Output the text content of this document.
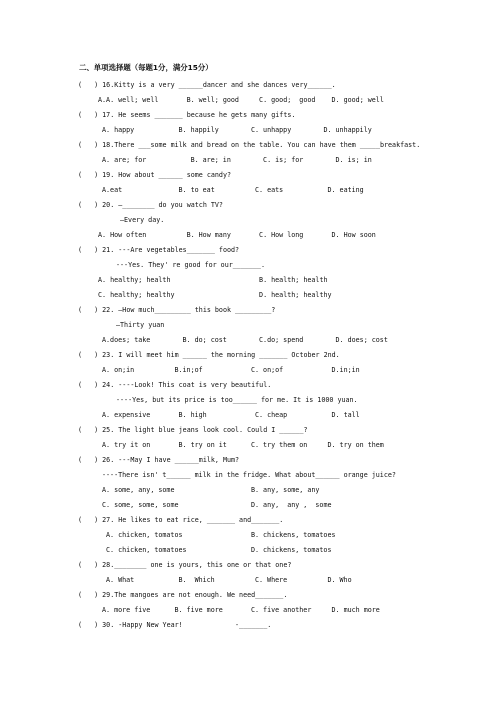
二、单项选择题（每题1分，满分15分）
(   ) 16.Kitty is a very ______dancer and she dances very______.
A.A. well; well       B. well; good     C. good;  good    D. good; well
(   ) 17. He seems _______ because he gets many gifts.
A. happy           B. happily        C. unhappy        D. unhappily
(   ) 18.There ___some milk and bread on the table. You can have them _____breakfast.
A. are; for           B. are; in        C. is; for        D. is; in
(   ) 19. How about ______ some candy?
A.eat              B. to eat          C. eats           D. eating
(   ) 20. —________ do you watch TV?
—Every day.
A. How often          B. How many       C. How long       D. How soon
(   ) 21. ---Are vegetables_______ food?
---Yes. They' re good for our_______.
A. healthy; health                      B. health; health
C. healthy; healthy                     D. health; healthy
(   ) 22. —How much_________ this book _________?
—Thirty yuan
A.does; take        B. do; cost        C.do; spend        D. does; cost
(   ) 23. I will meet him ______ the morning _______ October 2nd.
A. on;in          B.in;of            C. on;of            D.in;in
(   ) 24. ----Look! This coat is very beautiful.
----Yes, but its price is too______ for me. It is 1000 yuan.
A. expensive       B. high            C. cheap           D. tall
(   ) 25. The light blue jeans look cool. Could I ______?
A. try it on       B. try on it      C. try them on     D. try on them
(   ) 26. ---May I have ______milk, Mum?
----There isn' t______ milk in the fridge. What about______ orange juice?
A. some, any, some                   B. any, some, any
C. some, some, some                  D. any,  any ,  some
(   ) 27. He likes to eat rice, _______ and_______.
A. chicken, tomatos                 B. chickens, tomatoes
C. chicken, tomatoes                D. chickens, tomatos
(   ) 28.________ one is yours, this one or that one?
A. What           B.  Which          C. Where          D. Who
(   ) 29.The mangoes are not enough. We need_______.
A. more five      B. five more       C. five another     D. much more
(   ) 30. -Happy New Year!             -_______.
